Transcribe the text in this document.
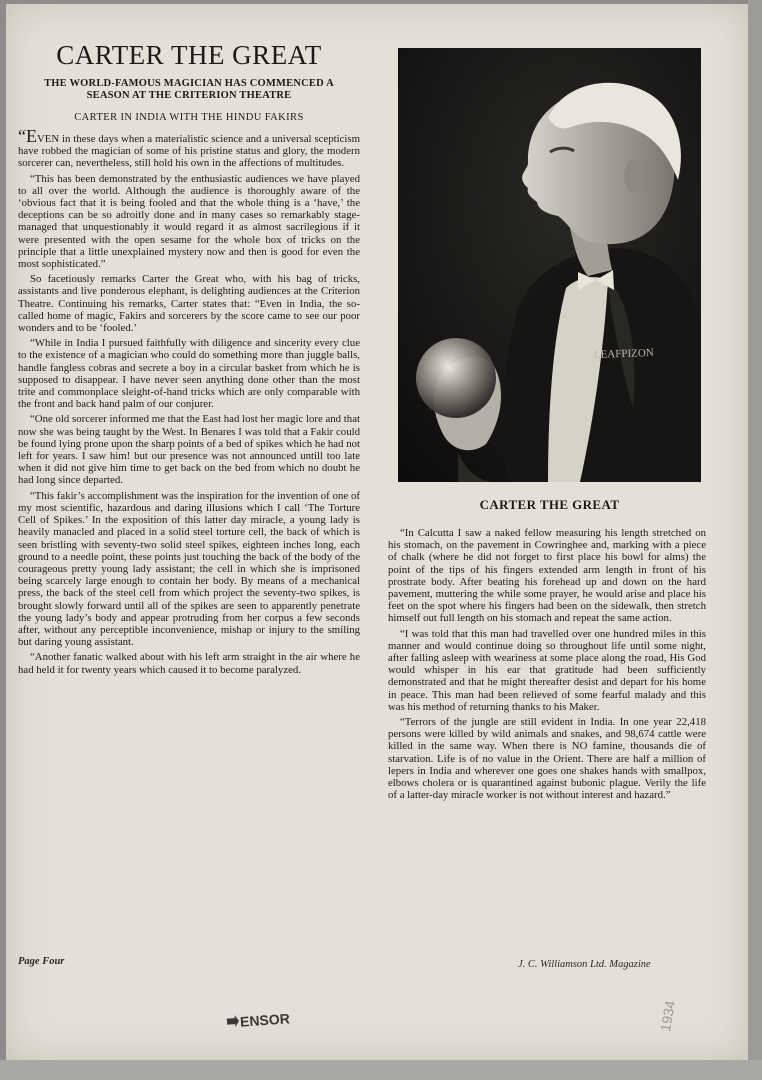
CARTER THE GREAT
THE WORLD-FAMOUS MAGICIAN HAS COMMENCED A SEASON AT THE CRITERION THEATRE
CARTER IN INDIA WITH THE HINDU FAKIRS

“EVEN in these days when a materialistic science and a universal scepticism have robbed the magician of some of his pristine status and glory, the modern sorcerer can, nevertheless, still hold his own in the affections of multitudes.

“This has been demonstrated by the enthusiastic audiences we have played to all over the world. Although the audience is thoroughly aware of the ‘obvious fact that it is being fooled and that the whole thing is a ‘have,’ the deceptions can be so adroitly done and in many cases so remarkably stage-managed that unquestionably it would regard it as almost sacrilegious if it were presented with the open sesame for the whole box of tricks on the principle that a little unexplained mystery now and then is good for even the most sophisticated.”

So facetiously remarks Carter the Great who, with his bag of tricks, assistants and live ponderous elephant, is delighting audiences at the Criterion Theatre. Continuing his remarks, Carter states that: “Even in India, the so-called home of magic, Fakirs and sorcerers by the score came to see our poor wonders and to be ‘fooled.’

“While in India I pursued faithfully with diligence and sincerity every clue to the existence of a magician who could do something more than juggle balls, handle fangless cobras and secrete a boy in a circular basket from which he is supposed to disappear. I have never seen anything done other than the most trite and commonplace sleight-of-hand tricks which are only comparable with the front and back hand palm of our conjurer.

“One old sorcerer informed me that the East had lost her magic lore and that now she was being taught by the West. In Benares I was told that a Fakir could be found lying prone upon the sharp points of a bed of spikes which he had not left for years. I saw him! but our presence was not announced untill too late when it did not give him time to get back on the bed from which no doubt he had long since departed.

“This fakir’s accomplishment was the inspiration for the invention of one of my most scientific, hazardous and daring illusions which I call ‘The Torture Cell of Spikes.’ In the exposition of this latter day miracle, a young lady is heavily manacled and placed in a solid steel torture cell, the back of which is seen bristling with seventy-two solid steel spikes, eighteen inches long, each ground to a needle point, these points just touching the back of the body of the courageous pretty young lady assistant; the cell in which she is imprisoned being scarcely large enough to contain her body. By means of a mechanical press, the back of the steel cell from which project the seventy-two spikes, is brought slowly forward until all of the spikes are seen to apparently penetrate the young lady’s body and appear protruding from her corpus a few seconds after, without any perceptible inconvenience, mishap or injury to the smiling but daring young assistant.

“Another fanatic walked about with his left arm straight in the air where he had held it for twenty years which caused it to become paralyzed.

LEAFPIZON
CARTER THE GREAT

“In Calcutta I saw a naked fellow measuring his length stretched on his stomach, on the pavement in Cowringhee and, marking with a piece of chalk (where he did not forget to first place his bowl for alms) the point of the tips of his fingers extended arm length in front of his prostrate body. After beating his forehead up and down on the hard pavement, muttering the while some prayer, he would arise and place his feet on the spot where his fingers had been on the sidewalk, then stretch himself out full length on his stomach and repeat the same action.

“I was told that this man had travelled over one hundred miles in this manner and would continue doing so throughout life until some night, after falling asleep with weariness at some place along the road, His God would whisper in his ear that gratitude had been sufficiently demonstrated and that he might thereafter desist and depart for his home in peace. This man had been relieved of some fearful malady and this was his method of returning thanks to his Maker.

“Terrors of the jungle are still evident in India. In one year 22,418 persons were killed by wild animals and snakes, and 98,674 cattle were killed in the same way. When there is NO famine, thousands die of starvation. Life is of no value in the Orient. There are half a million of lepers in India and wherever one goes one shakes hands with smallpox, elbows cholera or is quarantined against bubonic plague. Verily the life of a latter-day miracle worker is not without interest and hazard.”

Page Four	J. C. Williamson Ltd. Magazine
ENSOR	1934
